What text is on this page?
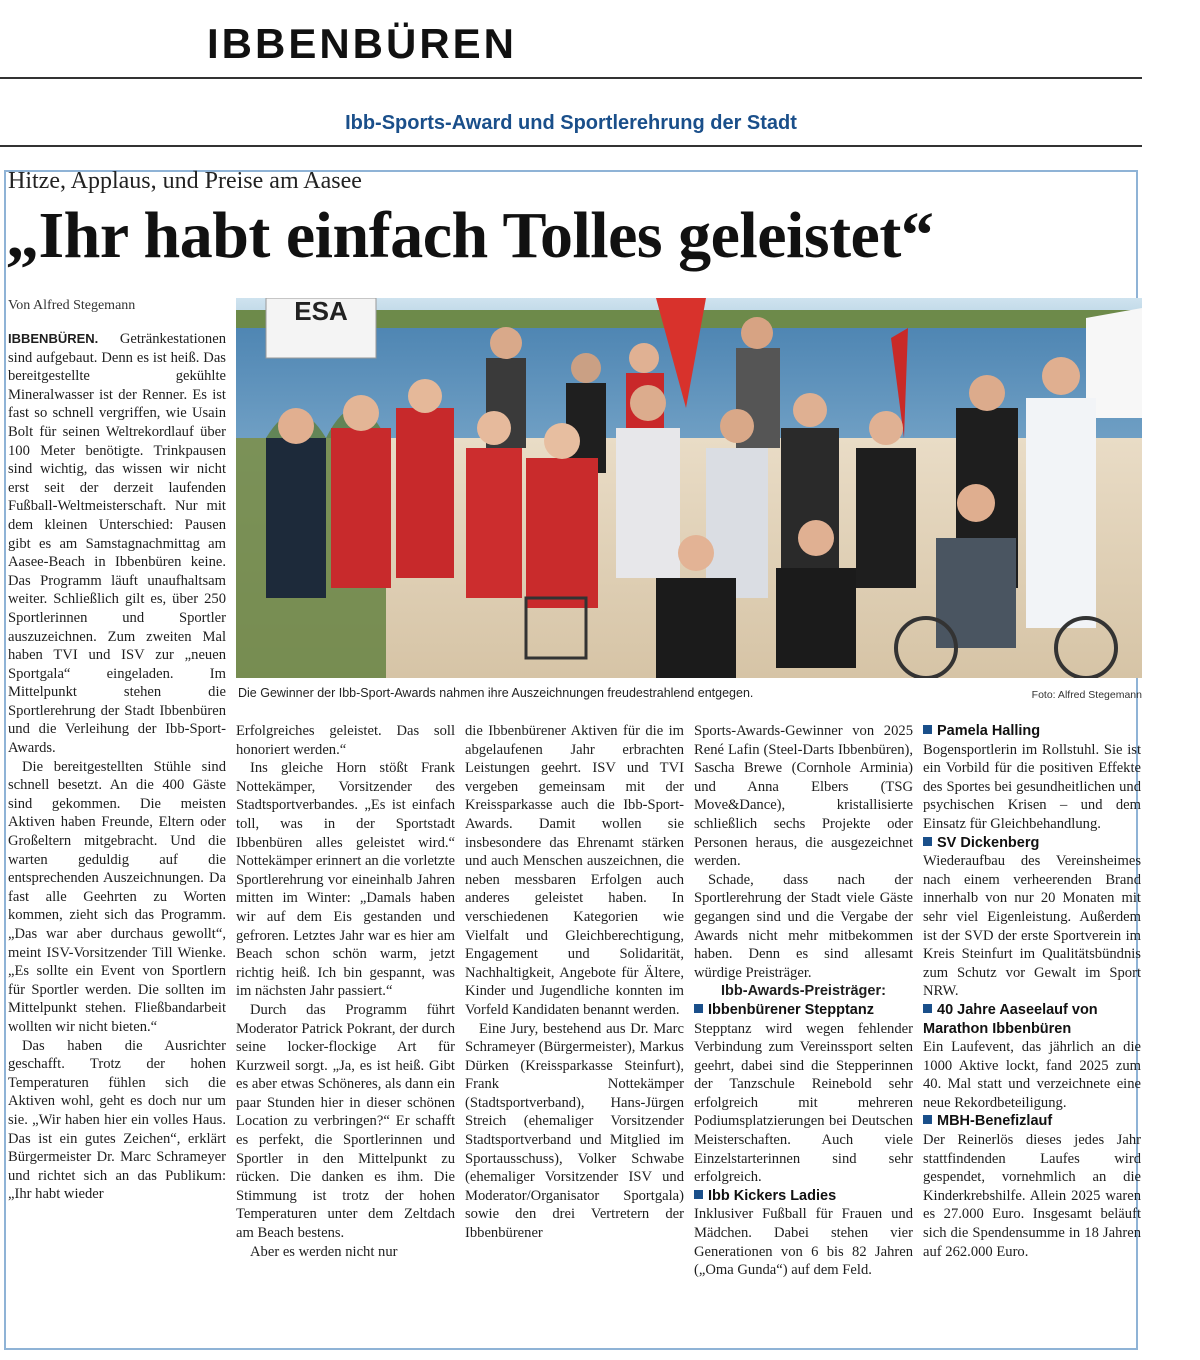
IBBENBÜREN
Ibb-Sports-Award und Sportlerehrung der Stadt
Hitze, Applaus, und Preise am Aasee
„Ihr habt einfach Tolles geleistet“
Von Alfred Stegemann	ESA
Die Gewinner der Ibb-Sport-Awards nahmen ihre Auszeichnungen freudestrahlend entgegen.	Foto: Alfred Stegemann

IBBENBÜREN. Getränkestationen sind aufgebaut. Denn es ist heiß. Das bereitgestellte gekühlte Mineralwasser ist der Renner. Es ist fast so schnell vergriffen, wie Usain Bolt für seinen Weltrekordlauf über 100 Meter benötigte. Trinkpausen sind wichtig, das wissen wir nicht erst seit der derzeit laufenden Fußball-Weltmeisterschaft. Nur mit dem kleinen Unterschied: Pausen gibt es am Samstagnachmittag am Aasee-Beach in Ibbenbüren keine. Das Programm läuft unaufhaltsam weiter. Schließlich gilt es, über 250 Sportlerinnen und Sportler auszuzeichnen. Zum zweiten Mal haben TVI und ISV zur „neuen Sportgala“ eingeladen. Im Mittelpunkt stehen die Sportlerehrung der Stadt Ibbenbüren und die Verleihung der Ibb-Sport-Awards.

Die bereitgestellten Stühle sind schnell besetzt. An die 400 Gäste sind gekommen. Die meisten Aktiven haben Freunde, Eltern oder Großeltern mitgebracht. Und die warten geduldig auf die entsprechenden Auszeichnungen. Da fast alle Geehrten zu Worten kommen, zieht sich das Programm. „Das war aber durchaus gewollt“, meint ISV-Vorsitzender Till Wienke. „Es sollte ein Event von Sportlern für Sportler werden. Die sollten im Mittelpunkt stehen. Fließbandarbeit wollten wir nicht bieten.“

Das haben die Ausrichter geschafft. Trotz der hohen Temperaturen fühlen sich die Aktiven wohl, geht es doch nur um sie. „Wir haben hier ein volles Haus. Das ist ein gutes Zeichen“, erklärt Bürgermeister Dr. Marc Schrameyer und richtet sich an das Publikum: „Ihr habt wieder

Erfolgreiches geleistet. Das soll honoriert werden.“

Ins gleiche Horn stößt Frank Nottekämper, Vorsitzender des Stadtsportverbandes. „Es ist einfach toll, was in der Sportstadt Ibbenbüren alles geleistet wird.“ Nottekämper erinnert an die vorletzte Sportlerehrung vor eineinhalb Jahren mitten im Winter: „Damals haben wir auf dem Eis gestanden und gefroren. Letztes Jahr war es hier am Beach schon schön warm, jetzt richtig heiß. Ich bin gespannt, was im nächsten Jahr passiert.“

Durch das Programm führt Moderator Patrick Pokrant, der durch seine locker-flockige Art für Kurzweil sorgt. „Ja, es ist heiß. Gibt es aber etwas Schöneres, als dann ein paar Stunden hier in dieser schönen Location zu verbringen?“ Er schafft es perfekt, die Sportlerinnen und Sportler in den Mittelpunkt zu rücken. Die danken es ihm. Die Stimmung ist trotz der hohen Temperaturen unter dem Zeltdach am Beach bestens.

Aber es werden nicht nur

die Ibbenbürener Aktiven für die im abgelaufenen Jahr erbrachten Leistungen geehrt. ISV und TVI vergeben gemeinsam mit der Kreissparkasse auch die Ibb-Sport-Awards. Damit wollen sie insbesondere das Ehrenamt stärken und auch Menschen auszeichnen, die neben messbaren Erfolgen auch anderes geleistet haben. In verschiedenen Kategorien wie Vielfalt und Gleichberechtigung, Engagement und Solidarität, Nachhaltigkeit, Angebote für Ältere, Kinder und Jugendliche konnten im Vorfeld Kandidaten benannt werden.

Eine Jury, bestehend aus Dr. Marc Schrameyer (Bürgermeister), Markus Dürken (Kreissparkasse Steinfurt), Frank Nottekämper (Stadtsportverband), Hans-Jürgen Streich (ehemaliger Vorsitzender Stadtsportverband und Mitglied im Sportausschuss), Volker Schwabe (ehemaliger Vorsitzender ISV und Moderator/Organisator Sportgala) sowie den drei Vertretern der Ibbenbürener

Sports-Awards-Gewinner von 2025 René Lafin (Steel-Darts Ibbenbüren), Sascha Brewe (Cornhole Arminia) und Anna Elbers (TSG Move&Dance), kristallisierte schließlich sechs Projekte oder Personen heraus, die ausgezeichnet werden.

Schade, dass nach der Sportlerehrung der Stadt viele Gäste gegangen sind und die Vergabe der Awards nicht mehr mitbekommen haben. Denn es sind allesamt würdige Preisträger.

Ibb-Awards-Preisträger:

Ibbenbürener Stepptanz

Stepptanz wird wegen fehlender Verbindung zum Vereinssport selten geehrt, dabei sind die Stepperinnen der Tanzschule Reinebold sehr erfolgreich mit mehreren Podiumsplatzierungen bei Deutschen Meisterschaften. Auch viele Einzelstarterinnen sind sehr erfolgreich.

Ibb Kickers Ladies

Inklusiver Fußball für Frauen und Mädchen. Dabei stehen vier Generationen von 6 bis 82 Jahren („Oma Gunda“) auf dem Feld.

Pamela Halling

Bogensportlerin im Rollstuhl. Sie ist ein Vorbild für die positiven Effekte des Sportes bei gesundheitlichen und psychischen Krisen – und dem Einsatz für Gleichbehandlung.

SV Dickenberg

Wiederaufbau des Vereinsheimes nach einem verheerenden Brand innerhalb von nur 20 Monaten mit sehr viel Eigenleistung. Außerdem ist der SVD der erste Sportverein im Kreis Steinfurt im Qualitätsbündnis zum Schutz vor Gewalt im Sport NRW.

40 Jahre Aaseelauf von Marathon Ibbenbüren

Ein Laufevent, das jährlich an die 1000 Aktive lockt, fand 2025 zum 40. Mal statt und verzeichnete eine neue Rekordbeteiligung.

MBH-Benefizlauf

Der Reinerlös dieses jedes Jahr stattfindenden Laufes wird gespendet, vornehmlich an die Kinderkrebshilfe. Allein 2025 waren es 27.000 Euro. Insgesamt beläuft sich die Spendensumme in 18 Jahren auf 262.000 Euro.
